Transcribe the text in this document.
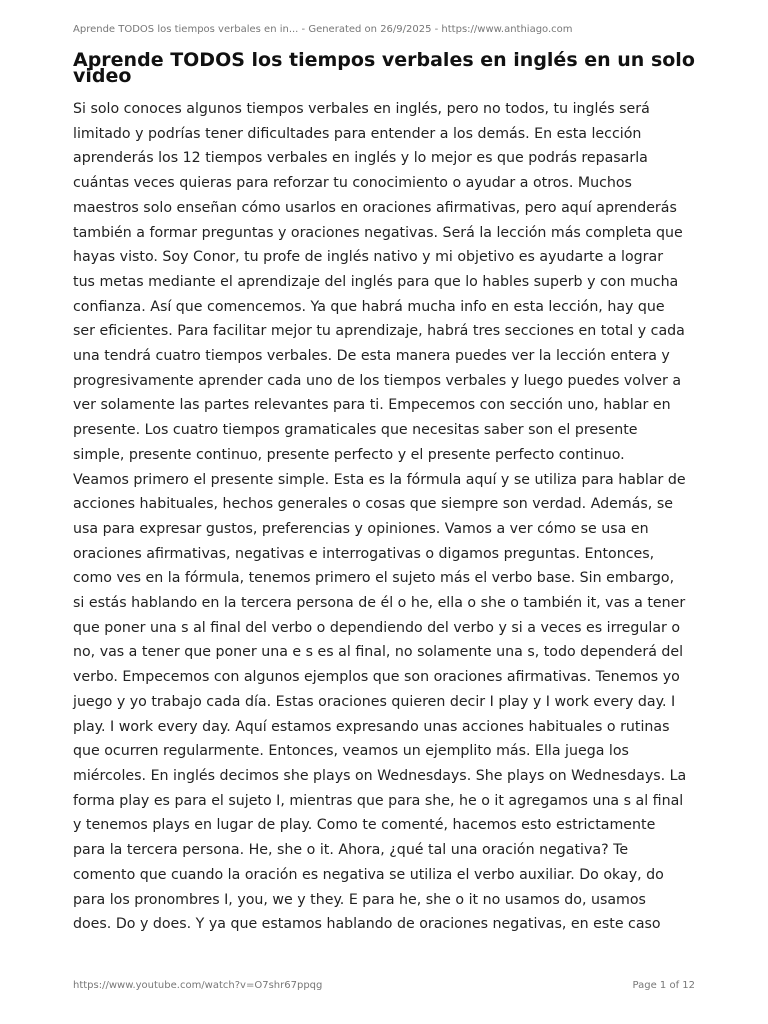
Aprende TODOS los tiempos verbales en in... - Generated on 26/9/2025 - https://www.anthiago.com
Aprende TODOS los tiempos verbales en inglés en un solo video
Si solo conoces algunos tiempos verbales en inglés, pero no todos, tu inglés será
limitado y podrías tener dificultades para entender a los demás. En esta lección
aprenderás los 12 tiempos verbales en inglés y lo mejor es que podrás repasarla
cuántas veces quieras para reforzar tu conocimiento o ayudar a otros. Muchos
maestros solo enseñan cómo usarlos en oraciones afirmativas, pero aquí aprenderás
también a formar preguntas y oraciones negativas. Será la lección más completa que
hayas visto. Soy Conor, tu profe de inglés nativo y mi objetivo es ayudarte a lograr
tus metas mediante el aprendizaje del inglés para que lo hables superb y con mucha
confianza. Así que comencemos. Ya que habrá mucha info en esta lección, hay que
ser eficientes. Para facilitar mejor tu aprendizaje, habrá tres secciones en total y cada
una tendrá cuatro tiempos verbales. De esta manera puedes ver la lección entera y
progresivamente aprender cada uno de los tiempos verbales y luego puedes volver a
ver solamente las partes relevantes para ti. Empecemos con sección uno, hablar en
presente. Los cuatro tiempos gramaticales que necesitas saber son el presente
simple, presente continuo, presente perfecto y el presente perfecto continuo.
Veamos primero el presente simple. Esta es la fórmula aquí y se utiliza para hablar de
acciones habituales, hechos generales o cosas que siempre son verdad. Además, se
usa para expresar gustos, preferencias y opiniones. Vamos a ver cómo se usa en
oraciones afirmativas, negativas e interrogativas o digamos preguntas. Entonces,
como ves en la fórmula, tenemos primero el sujeto más el verbo base. Sin embargo,
si estás hablando en la tercera persona de él o he, ella o she o también it, vas a tener
que poner una s al final del verbo o dependiendo del verbo y si a veces es irregular o
no, vas a tener que poner una e s es al final, no solamente una s, todo dependerá del
verbo. Empecemos con algunos ejemplos que son oraciones afirmativas. Tenemos yo
juego y yo trabajo cada día. Estas oraciones quieren decir I play y I work every day. I
play. I work every day. Aquí estamos expresando unas acciones habituales o rutinas
que ocurren regularmente. Entonces, veamos un ejemplito más. Ella juega los
miércoles. En inglés decimos she plays on Wednesdays. She plays on Wednesdays. La
forma play es para el sujeto I, mientras que para she, he o it agregamos una s al final
y tenemos plays en lugar de play. Como te comenté, hacemos esto estrictamente
para la tercera persona. He, she o it. Ahora, ¿qué tal una oración negativa? Te
comento que cuando la oración es negativa se utiliza el verbo auxiliar. Do okay, do
para los pronombres I, you, we y they. E para he, she o it no usamos do, usamos
does. Do y does. Y ya que estamos hablando de oraciones negativas, en este caso
https://www.youtube.com/watch?v=O7shr67ppqg	Page 1 of 12
